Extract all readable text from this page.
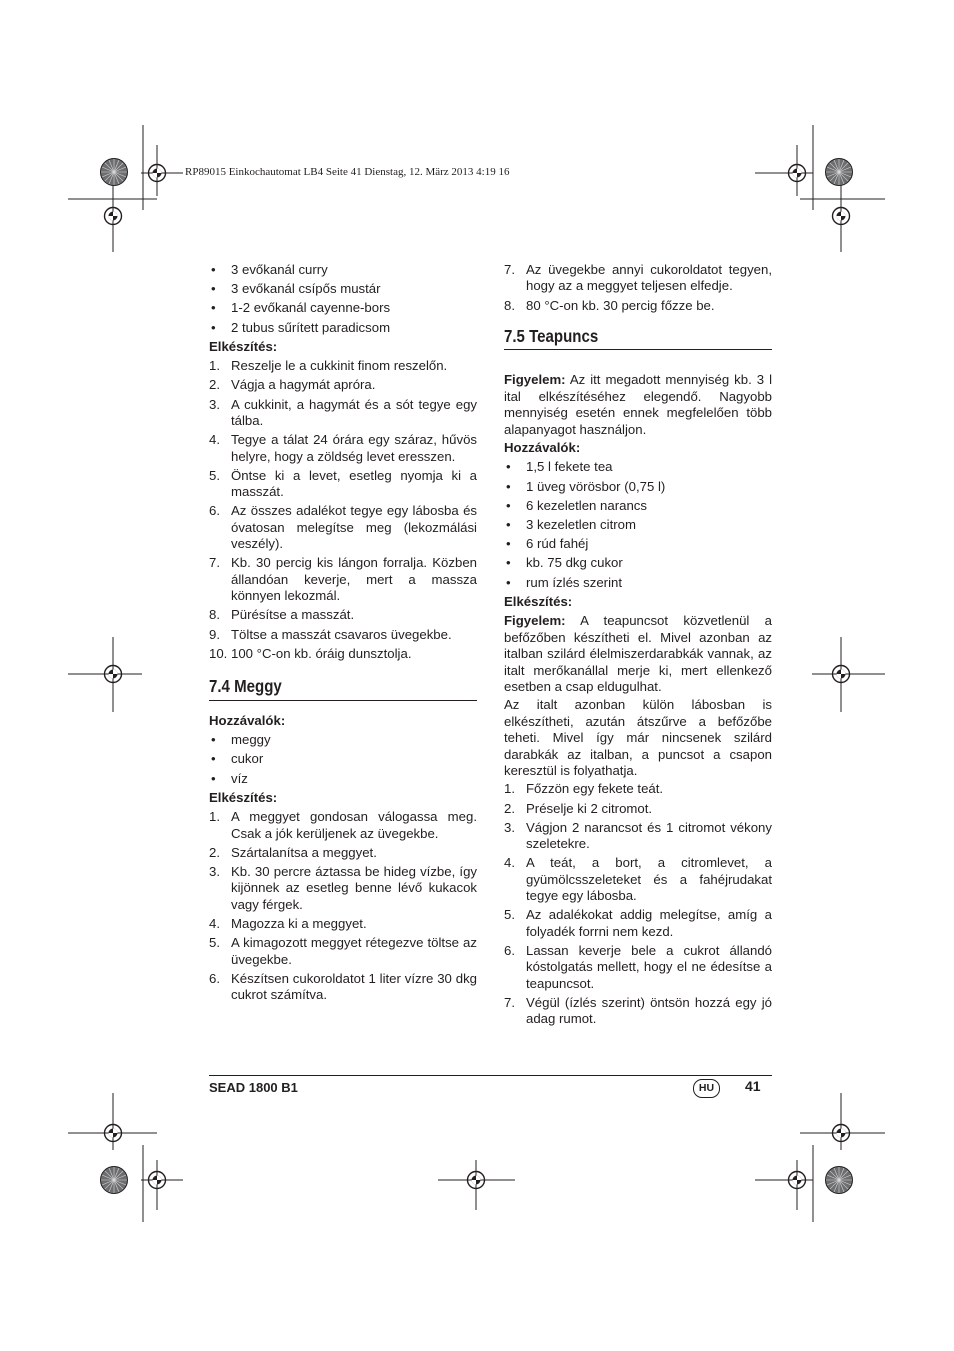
RP89015 Einkochautomat LB4 Seite 41 Dienstag, 12. März 2013 4:19 16
• 3 evőkanál curry
• 3 evőkanál csípős mustár
• 1-2 evőkanál cayenne-bors
• 2 tubus sűrített paradicsom
Elkészítés:
1. Reszelje le a cukkinit finom reszelőn.
2. Vágja a hagymát apróra.
3. A cukkinit, a hagymát és a sót tegye egy tálba.
4. Tegye a tálat 24 órára egy száraz, hűvös helyre, hogy a zöldség levet eresszen.
5. Öntse ki a levet, esetleg nyomja ki a masszát.
6. Az összes adalékot tegye egy lábosba és óvatosan melegítse meg (lekozmálási veszély).
7. Kb. 30 percig kis lángon forralja. Közben állandóan keverje, mert a massza könnyen lekozmál.
8. Pürésítse a masszát.
9. Töltse a masszát csavaros üvegekbe.
10. 100 °C-on kb. óráig dunsztolja.
7.4 Meggy
Hozzávalók:
• meggy
• cukor
• víz
Elkészítés:
1. A meggyet gondosan válogassa meg. Csak a jók kerüljenek az üvegekbe.
2. Szártalanítsa a meggyet.
3. Kb. 30 percre áztassa be hideg vízbe, így kijönnek az esetleg benne lévő kukacok vagy férgek.
4. Magozza ki a meggyet.
5. A kimagozott meggyet rétegezve töltse az üvegekbe.
6. Készítsen cukoroldatot 1 liter vízre 30 dkg cukrot számítva.
7. Az üvegekbe annyi cukoroldatot tegyen, hogy az a meggyet teljesen elfedje.
8. 80 °C-on kb. 30 percig főzze be.
7.5 Teapuncs
Figyelem: Az itt megadott mennyiség kb. 3 l ital elkészítéséhez elegendő. Nagyobb mennyiség esetén ennek megfelelően több alapanyagot használjon.
Hozzávalók:
• 1,5 l fekete tea
• 1 üveg vörösbor (0,75 l)
• 6 kezeletlen narancs
• 3 kezeletlen citrom
• 6 rúd fahéj
• kb. 75 dkg cukor
• rum ízlés szerint
Elkészítés:
Figyelem: A teapuncsot közvetlenül a befőzőben készítheti el. Mivel azonban az italban szilárd élelmiszerdarabkák vannak, az italt merőkanállal merje ki, mert ellenkező esetben a csap eldugulhat.
Az italt azonban külön lábosban is elkészítheti, azután átszűrve a befőzőbe teheti. Mivel így már nincsenek szilárd darabkák az italban, a puncsot a csapon keresztül is folyathatja.
1. Főzzön egy fekete teát.
2. Préselje ki 2 citromot.
3. Vágjon 2 narancsot és 1 citromot vékony szeletekre.
4. A teát, a bort, a citromlevet, a gyümölcsszeleteket és a fahéjrudakat tegye egy lábosba.
5. Az adalékokat addig melegítse, amíg a folyadék forrni nem kezd.
6. Lassan keverje bele a cukrot állandó kóstolgatás mellett, hogy el ne édesítse a teapuncsot.
7. Végül (ízlés szerint) öntsön hozzá egy jó adag rumot.
SEAD 1800 B1	HU	41
